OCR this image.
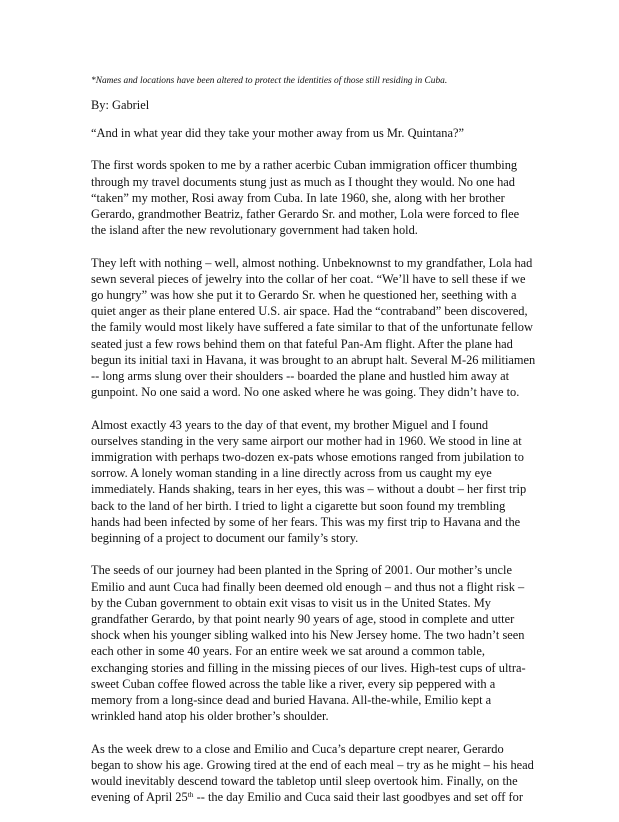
*Names and locations have been altered to protect the identities of those still residing in Cuba.
By: Gabriel

“And in what year did they take your mother away from us Mr. Quintana?”

The first words spoken to me by a rather acerbic Cuban immigration officer thumbing
through my travel documents stung just as much as I thought they would. No one had
“taken” my mother, Rosi away from Cuba. In late 1960, she, along with her brother
Gerardo, grandmother Beatriz, father Gerardo Sr. and mother, Lola were forced to flee
the island after the new revolutionary government had taken hold.

They left with nothing – well, almost nothing. Unbeknownst to my grandfather, Lola had
sewn several pieces of jewelry into the collar of her coat. “We’ll have to sell these if we
go hungry” was how she put it to Gerardo Sr. when he questioned her, seething with a
quiet anger as their plane entered U.S. air space. Had the “contraband” been discovered,
the family would most likely have suffered a fate similar to that of the unfortunate fellow
seated just a few rows behind them on that fateful Pan-Am flight. After the plane had
begun its initial taxi in Havana, it was brought to an abrupt halt. Several M-26 militiamen
-- long arms slung over their shoulders -- boarded the plane and hustled him away at
gunpoint. No one said a word. No one asked where he was going. They didn’t have to.

Almost exactly 43 years to the day of that event, my brother Miguel and I found
ourselves standing in the very same airport our mother had in 1960. We stood in line at
immigration with perhaps two-dozen ex-pats whose emotions ranged from jubilation to
sorrow. A lonely woman standing in a line directly across from us caught my eye
immediately. Hands shaking, tears in her eyes, this was – without a doubt – her first trip
back to the land of her birth. I tried to light a cigarette but soon found my trembling
hands had been infected by some of her fears. This was my first trip to Havana and the
beginning of a project to document our family’s story.

The seeds of our journey had been planted in the Spring of 2001. Our mother’s uncle
Emilio and aunt Cuca had finally been deemed old enough – and thus not a flight risk –
by the Cuban government to obtain exit visas to visit us in the United States. My
grandfather Gerardo, by that point nearly 90 years of age, stood in complete and utter
shock when his younger sibling walked into his New Jersey home. The two hadn’t seen
each other in some 40 years. For an entire week we sat around a common table,
exchanging stories and filling in the missing pieces of our lives. High-test cups of ultra-
sweet Cuban coffee flowed across the table like a river, every sip peppered with a
memory from a long-since dead and buried Havana. All-the-while, Emilio kept a
wrinkled hand atop his older brother’s shoulder.

As the week drew to a close and Emilio and Cuca’s departure crept nearer, Gerardo
began to show his age. Growing tired at the end of each meal – try as he might – his head
would inevitably descend toward the tabletop until sleep overtook him. Finally, on the
evening of April 25th -- the day Emilio and Cuca said their last goodbyes and set off for
